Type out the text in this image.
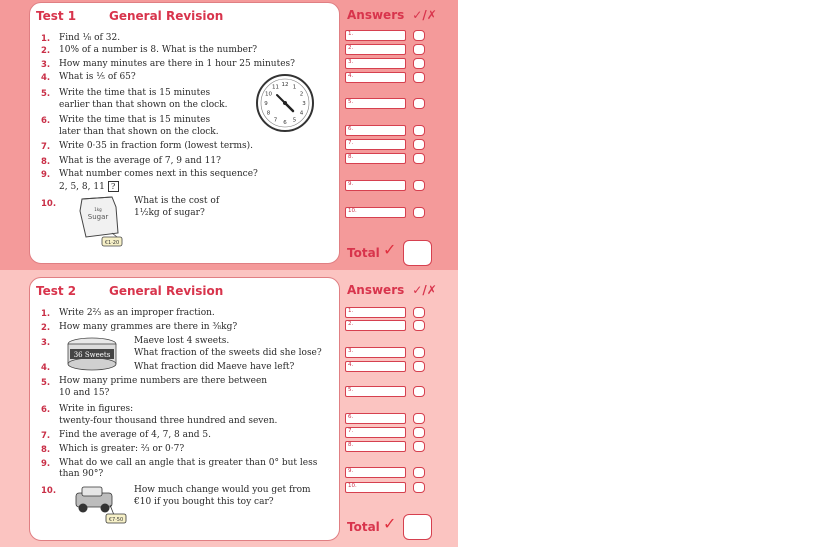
Test 1	General Revision
1. Find ⅛ of 32.
2. 10% of a number is 8. What is the number?
3. How many minutes are there in 1 hour 25 minutes?
4. What is ⅕ of 65?
5. Write the time that is 15 minutes
earlier than that shown on the clock.
6. Write the time that is 15 minutes
later than that shown on the clock.
7. Write 0·35 in fraction form (lowest terms).
8. What is the average of 7, 9 and 11?
9. What number comes next in this sequence?
2, 5, 8, 11 ?
10.	What is the cost of
1½kg of sugar?
12 1
2
3
4
5
6
7
8
9
10
11
1kg
Sugar
€1·20
Answers ✓/✗
1.
2.
3.
4.
5.
6.
7.
8.
9.
10.
Total ✓
Test 2	General Revision
1. Write 2⅔ as an improper fraction.
2. How many grammes are there in ⅜kg?
3.	Maeve lost 4 sweets.
What fraction of the sweets did she lose?
4.	What fraction did Maeve have left?
5. How many prime numbers are there between
10 and 15?
6. Write in figures:
twenty-four thousand three hundred and seven.
7. Find the average of 4, 7, 8 and 5.
8. Which is greater: ⅔ or 0·7?
9. What do we call an angle that is greater than 0° but less
than 90°?
10.	How much change would you get from
€10 if you bought this toy car?
36 Sweets
€7·50
Answers ✓/✗
1.
2.
3.
4.
5.
6.
7.
8.
9.
10.
Total ✓
